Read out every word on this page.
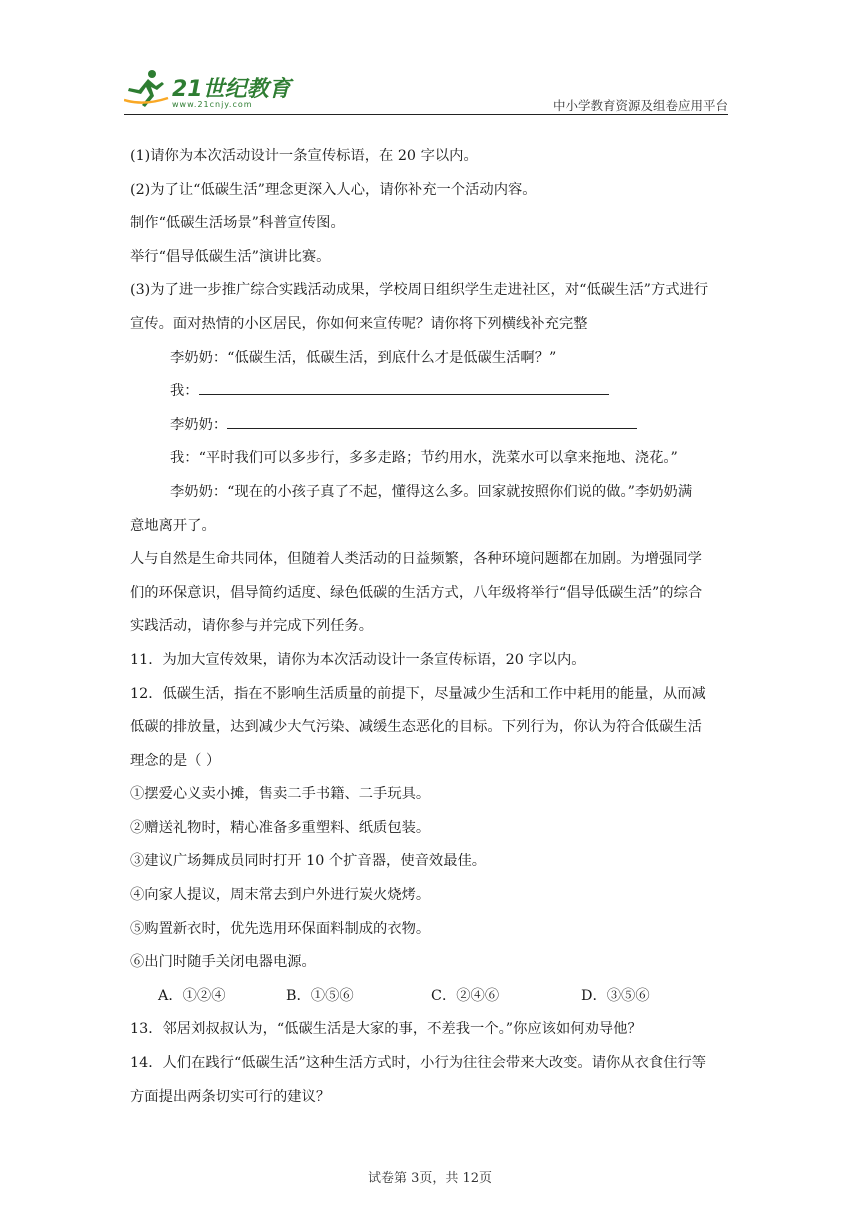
21世纪教育
www.21cnjy.com	中小学教育资源及组卷应用平台
(1)请你为本次活动设计一条宣传标语，在 20 字以内。
(2)为了让“低碳生活”理念更深入人心，请你补充一个活动内容。
制作“低碳生活场景”科普宣传图。
举行“倡导低碳生活”演讲比赛。
(3)为了进一步推广综合实践活动成果，学校周日组织学生走进社区，对“低碳生活”方式进行
宣传。面对热情的小区居民，你如何来宣传呢？请你将下列横线补充完整
李奶奶：“低碳生活，低碳生活，到底什么才是低碳生活啊？”
我：
李奶奶：
我：“平时我们可以多步行，多多走路；节约用水，洗菜水可以拿来拖地、浇花。”
李奶奶：“现在的小孩子真了不起，懂得这么多。回家就按照你们说的做。”李奶奶满
意地离开了。
人与自然是生命共同体，但随着人类活动的日益频繁，各种环境问题都在加剧。为增强同学
们的环保意识，倡导简约适度、绿色低碳的生活方式，八年级将举行“倡导低碳生活”的综合
实践活动，请你参与并完成下列任务。
11．为加大宣传效果，请你为本次活动设计一条宣传标语，20 字以内。
12．低碳生活，指在不影响生活质量的前提下，尽量减少生活和工作中耗用的能量，从而减
低碳的排放量，达到减少大气污染、减缓生态恶化的目标。下列行为，你认为符合低碳生活
理念的是（ ）
①摆爱心义卖小摊，售卖二手书籍、二手玩具。
②赠送礼物时，精心准备多重塑料、纸质包装。
③建议广场舞成员同时打开 10 个扩音器，使音效最佳。
④向家人提议，周末常去到户外进行炭火烧烤。
⑤购置新衣时，优先选用环保面料制成的衣物。
⑥出门时随手关闭电器电源。
A．①②④	B．①⑤⑥	C．②④⑥	D．③⑤⑥
13．邻居刘叔叔认为，“低碳生活是大家的事，不差我一个。”你应该如何劝导他？
14．人们在践行“低碳生活”这种生活方式时，小行为往往会带来大改变。请你从衣食住行等
方面提出两条切实可行的建议？
试卷第 3页，共 12页
